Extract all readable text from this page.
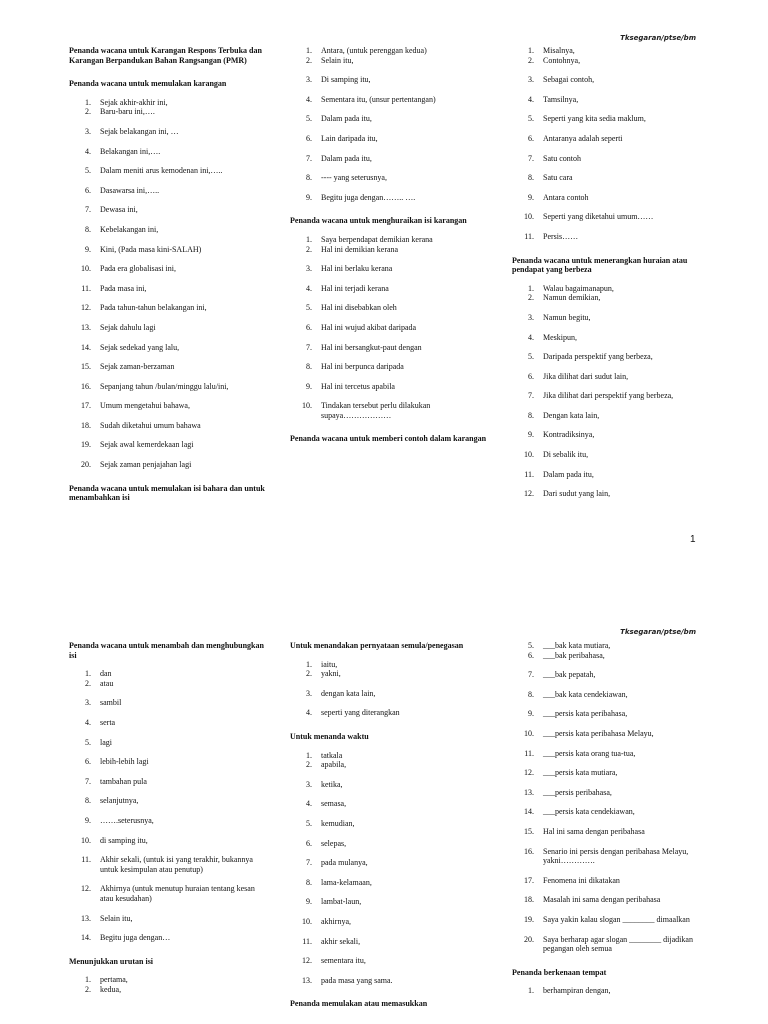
Tksegaran/ptse/bm
Penanda wacana untuk Karangan Respons Terbuka dan Karangan Berpandukan Bahan Rangsangan (PMR)
Penanda wacana untuk memulakan karangan
1.	Sejak akhir-akhir ini,
2.	Baru-baru ini,….
3.	Sejak belakangan ini, …
4.	Belakangan ini,….
5.	Dalam meniti arus kemodenan ini,…..
6.	Dasawarsa ini,…..
7.	Dewasa ini,
8.	Kebelakangan ini,
9.	Kini, (Pada masa kini-SALAH)
10.	Pada era globalisasi ini,
11.	Pada masa ini,
12.	Pada tahun-tahun belakangan ini,
13.	Sejak dahulu lagi
14.	Sejak sedekad yang lalu,
15.	Sejak zaman-berzaman
16.	Sepanjang tahun /bulan/minggu lalu/ini,
17.	Umum mengetahui bahawa,
18.	Sudah diketahui umum bahawa
19.	Sejak awal kemerdekaan lagi
20.	Sejak zaman penjajahan lagi
Penanda wacana untuk memulakan isi bahara dan untuk menambahkan isi
1.	Antara, (untuk perenggan kedua)
2.	Selain itu,
3.	Di samping itu,
4.	Sementara itu, (unsur pertentangan)
5.	Dalam pada itu,
6.	Lain daripada itu,
7.	Dalam pada itu,
8.	---- yang seterusnya,
9.	Begitu juga dengan…….. ….
Penanda wacana untuk menghuraikan isi karangan
1.	Saya berpendapat demikian kerana
2.	Hal ini demikian kerana
3.	Hal ini berlaku kerana
4.	Hal ini terjadi kerana
5.	Hal ini disebabkan oleh
6.	Hal ini wujud akibat daripada
7.	Hal ini bersangkut-paut dengan
8.	Hal ini berpunca daripada
9.	Hal ini tercetus apabila
10.	Tindakan tersebut perlu dilakukan supaya………………
Penanda wacana untuk memberi contoh dalam karangan
1.	Misalnya,
2.	Contohnya,
3.	Sebagai contoh,
4.	Tamsilnya,
5.	Seperti yang kita sedia maklum,
6.	Antaranya adalah seperti
7.	Satu contoh
8.	Satu cara
9.	Antara contoh
10.	Seperti yang diketahui umum……
11.	Persis……
Penanda wacana untuk menerangkan huraian atau pendapat yang berbeza
1.	Walau bagaimanapun,
2.	Namun demikian,
3.	Namun begitu,
4.	Meskipun,
5.	Daripada perspektif yang berbeza,
6.	Jika dilihat dari sudut lain,
7.	Jika dilihat dari perspektif yang berbeza,
8.	Dengan kata lain,
9.	Kontradiksinya,
10.	Di sebalik itu,
11.	Dalam pada itu,
12.	Dari sudut yang lain,
1
Tksegaran/ptse/bm
Penanda wacana untuk menambah dan menghubungkan isi
1.	dan
2.	atau
3.	sambil
4.	serta
5.	lagi
6.	lebih-lebih lagi
7.	tambahan pula
8.	selanjutnya,
9.	…….seterusnya,
10.	di samping itu,
11.	Akhir sekali, (untuk isi yang terakhir, bukannya untuk kesimpulan atau penutup)
12.	Akhirnya (untuk menutup huraian tentang kesan atau kesudahan)
13.	Selain itu,
14.	Begitu juga dengan…
Menunjukkan urutan isi
1.	pertama,
2.	kedua,
Untuk menandakan pernyataan semula/penegasan
1.	iaitu,
2.	yakni,
3.	dengan kata lain,
4.	seperti yang diterangkan
Untuk menanda waktu
1.	tatkala
2.	apabila,
3.	ketika,
4.	semasa,
5.	kemudian,
6.	selepas,
7.	pada mulanya,
8.	lama-kelamaan,
9.	lambat-laun,
10.	akhirnya,
11.	akhir sekali,
12.	sementara itu,
13.	pada masa yang sama.
Penanda memulakan atau memasukkan
5.	___bak kata mutiara,
6.	___bak peribahasa,
7.	___bak pepatah,
8.	___bak kata cendekiawan,
9.	___persis kata peribahasa,
10.	___persis kata peribahasa Melayu,
11.	___persis kata orang tua-tua,
12.	___persis kata mutiara,
13.	___persis peribahasa,
14.	___persis kata cendekiawan,
15.	Hal ini sama dengan peribahasa
16.	Senario ini persis dengan peribahasa Melayu, yakni………….
17.	Fenomena ini dikatakan
18.	Masalah ini sama dengan peribahasa
19.	Saya yakin kalau slogan ________ dimaalkan
20.	Saya berharap agar slogan ________ dijadikan pegangan oleh semua
Penanda berkenaan tempat
1.	berhampiran dengan,
